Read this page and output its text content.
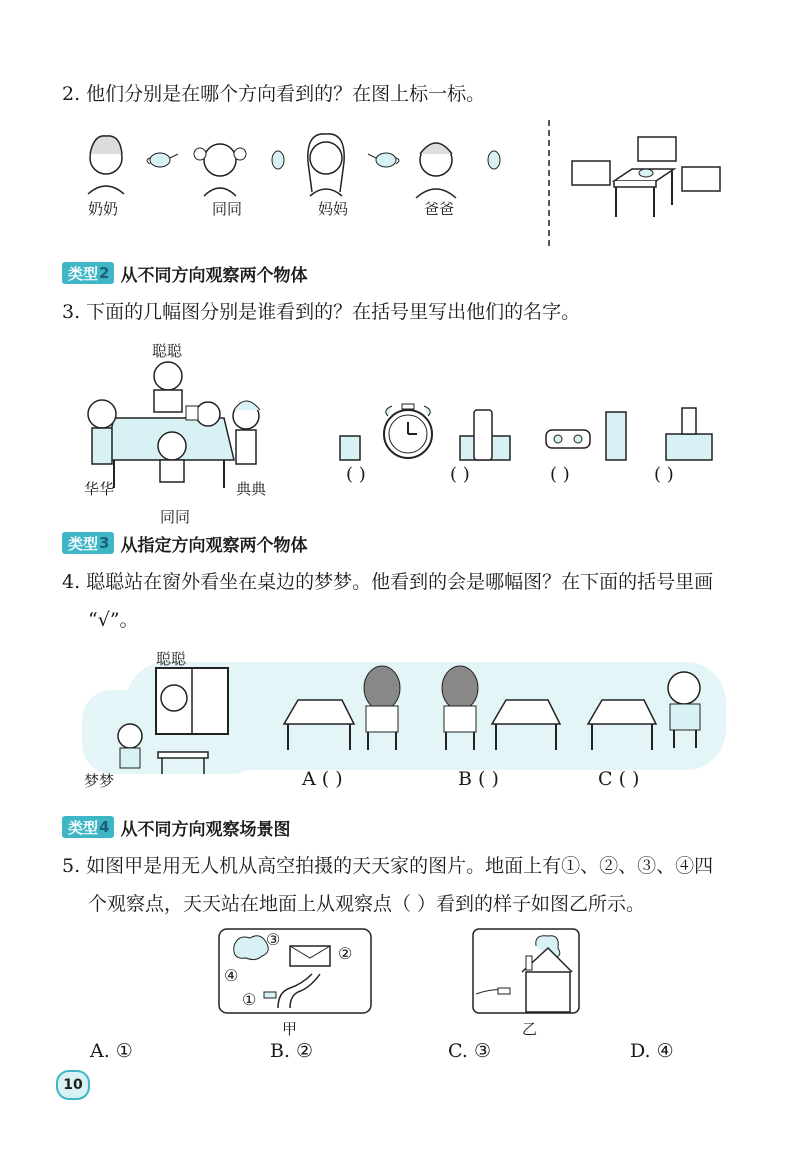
2. 他们分别是在哪个方向看到的？在图上标一标。
奶奶	同同	妈妈	爸爸
类型 2 从不同方向观察两个物体
3. 下面的几幅图分别是谁看到的？在括号里写出他们的名字。
聪聪
华华	典典
同同
( )	( )	( )	( )
类型 3 从指定方向观察两个物体
4. 聪聪站在窗外看坐在桌边的梦梦。他看到的会是哪幅图？在下面的括号里画
“√”。
聪聪
梦梦	A ( )	B ( )	C ( )
类型 4 从不同方向观察场景图
5. 如图甲是用无人机从高空拍摄的天天家的图片。地面上有①、②、③、④四
个观察点，天天站在地面上从观察点（ ）看到的样子如图乙所示。
③
②
④
①
甲	乙
A. ①	B. ②	C. ③	D. ④
10
